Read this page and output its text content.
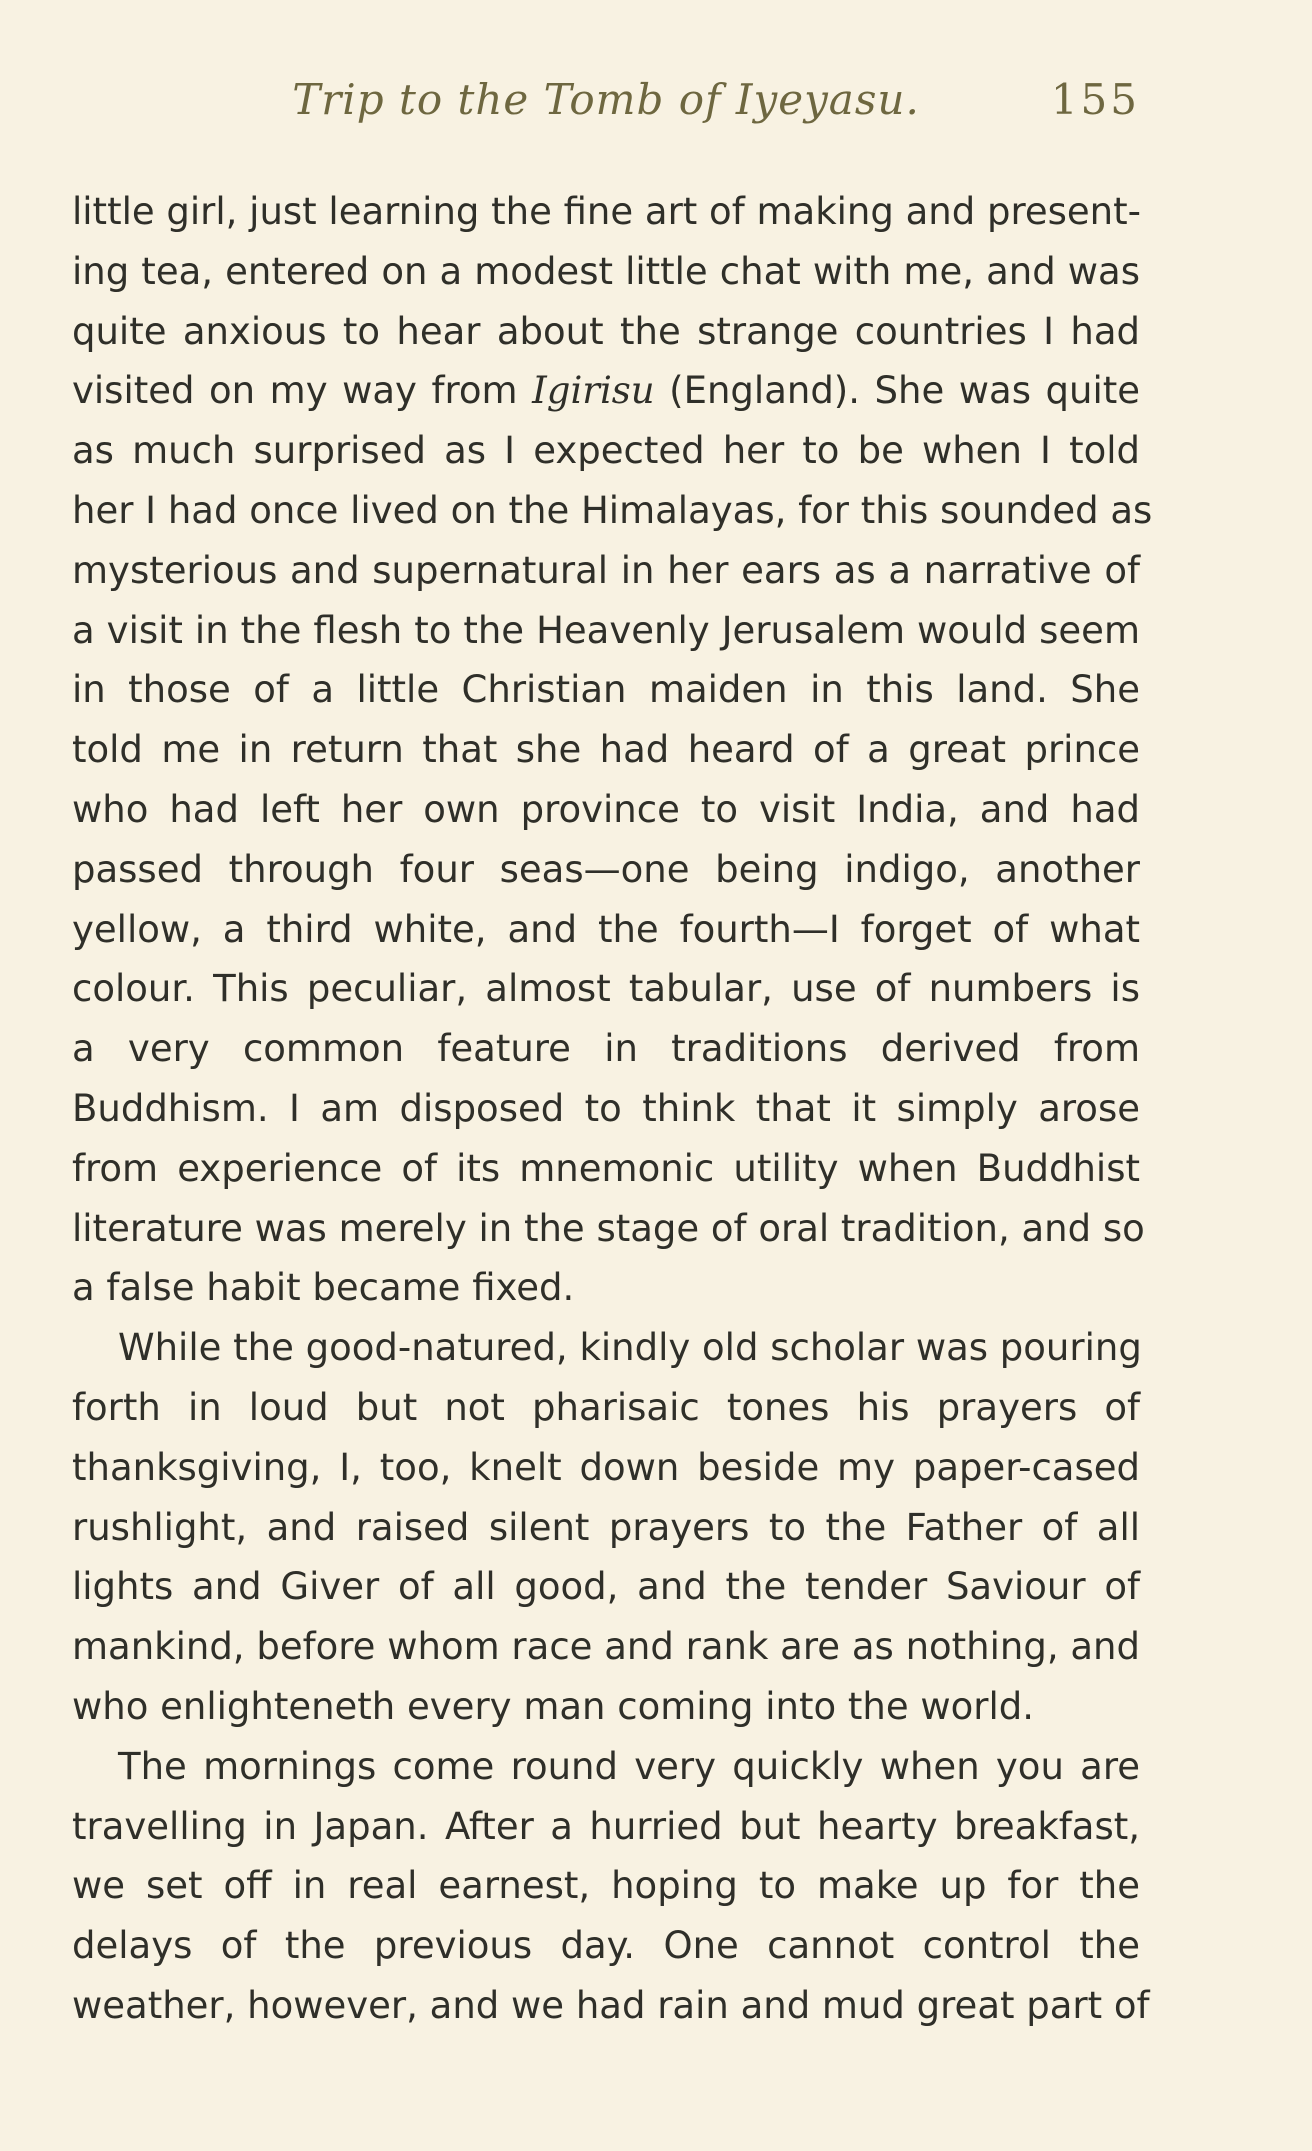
Trip to the Tomb of Iyeyasu.	155
little girl, just learning the fine art of making and present-
ing tea, entered on a modest little chat with me, and was
quite anxious to hear about the strange countries I had
visited on my way from Igirisu (England). She was quite
as much surprised as I expected her to be when I told
her I had once lived on the Himalayas, for this sounded as
mysterious and supernatural in her ears as a narrative of
a visit in the flesh to the Heavenly Jerusalem would seem
in those of a little Christian maiden in this land. She
told me in return that she had heard of a great prince
who had left her own province to visit India, and had
passed through four seas—one being indigo, another
yellow, a third white, and the fourth—I forget of what
colour. This peculiar, almost tabular, use of numbers is
a very common feature in traditions derived from
Buddhism. I am disposed to think that it simply arose
from experience of its mnemonic utility when Buddhist
literature was merely in the stage of oral tradition, and so
a false habit became fixed.
While the good-natured, kindly old scholar was pouring
forth in loud but not pharisaic tones his prayers of
thanksgiving, I, too, knelt down beside my paper-cased
rushlight, and raised silent prayers to the Father of all
lights and Giver of all good, and the tender Saviour of
mankind, before whom race and rank are as nothing, and
who enlighteneth every man coming into the world.
The mornings come round very quickly when you are
travelling in Japan. After a hurried but hearty breakfast,
we set off in real earnest, hoping to make up for the
delays of the previous day. One cannot control the
weather, however, and we had rain and mud great part of
